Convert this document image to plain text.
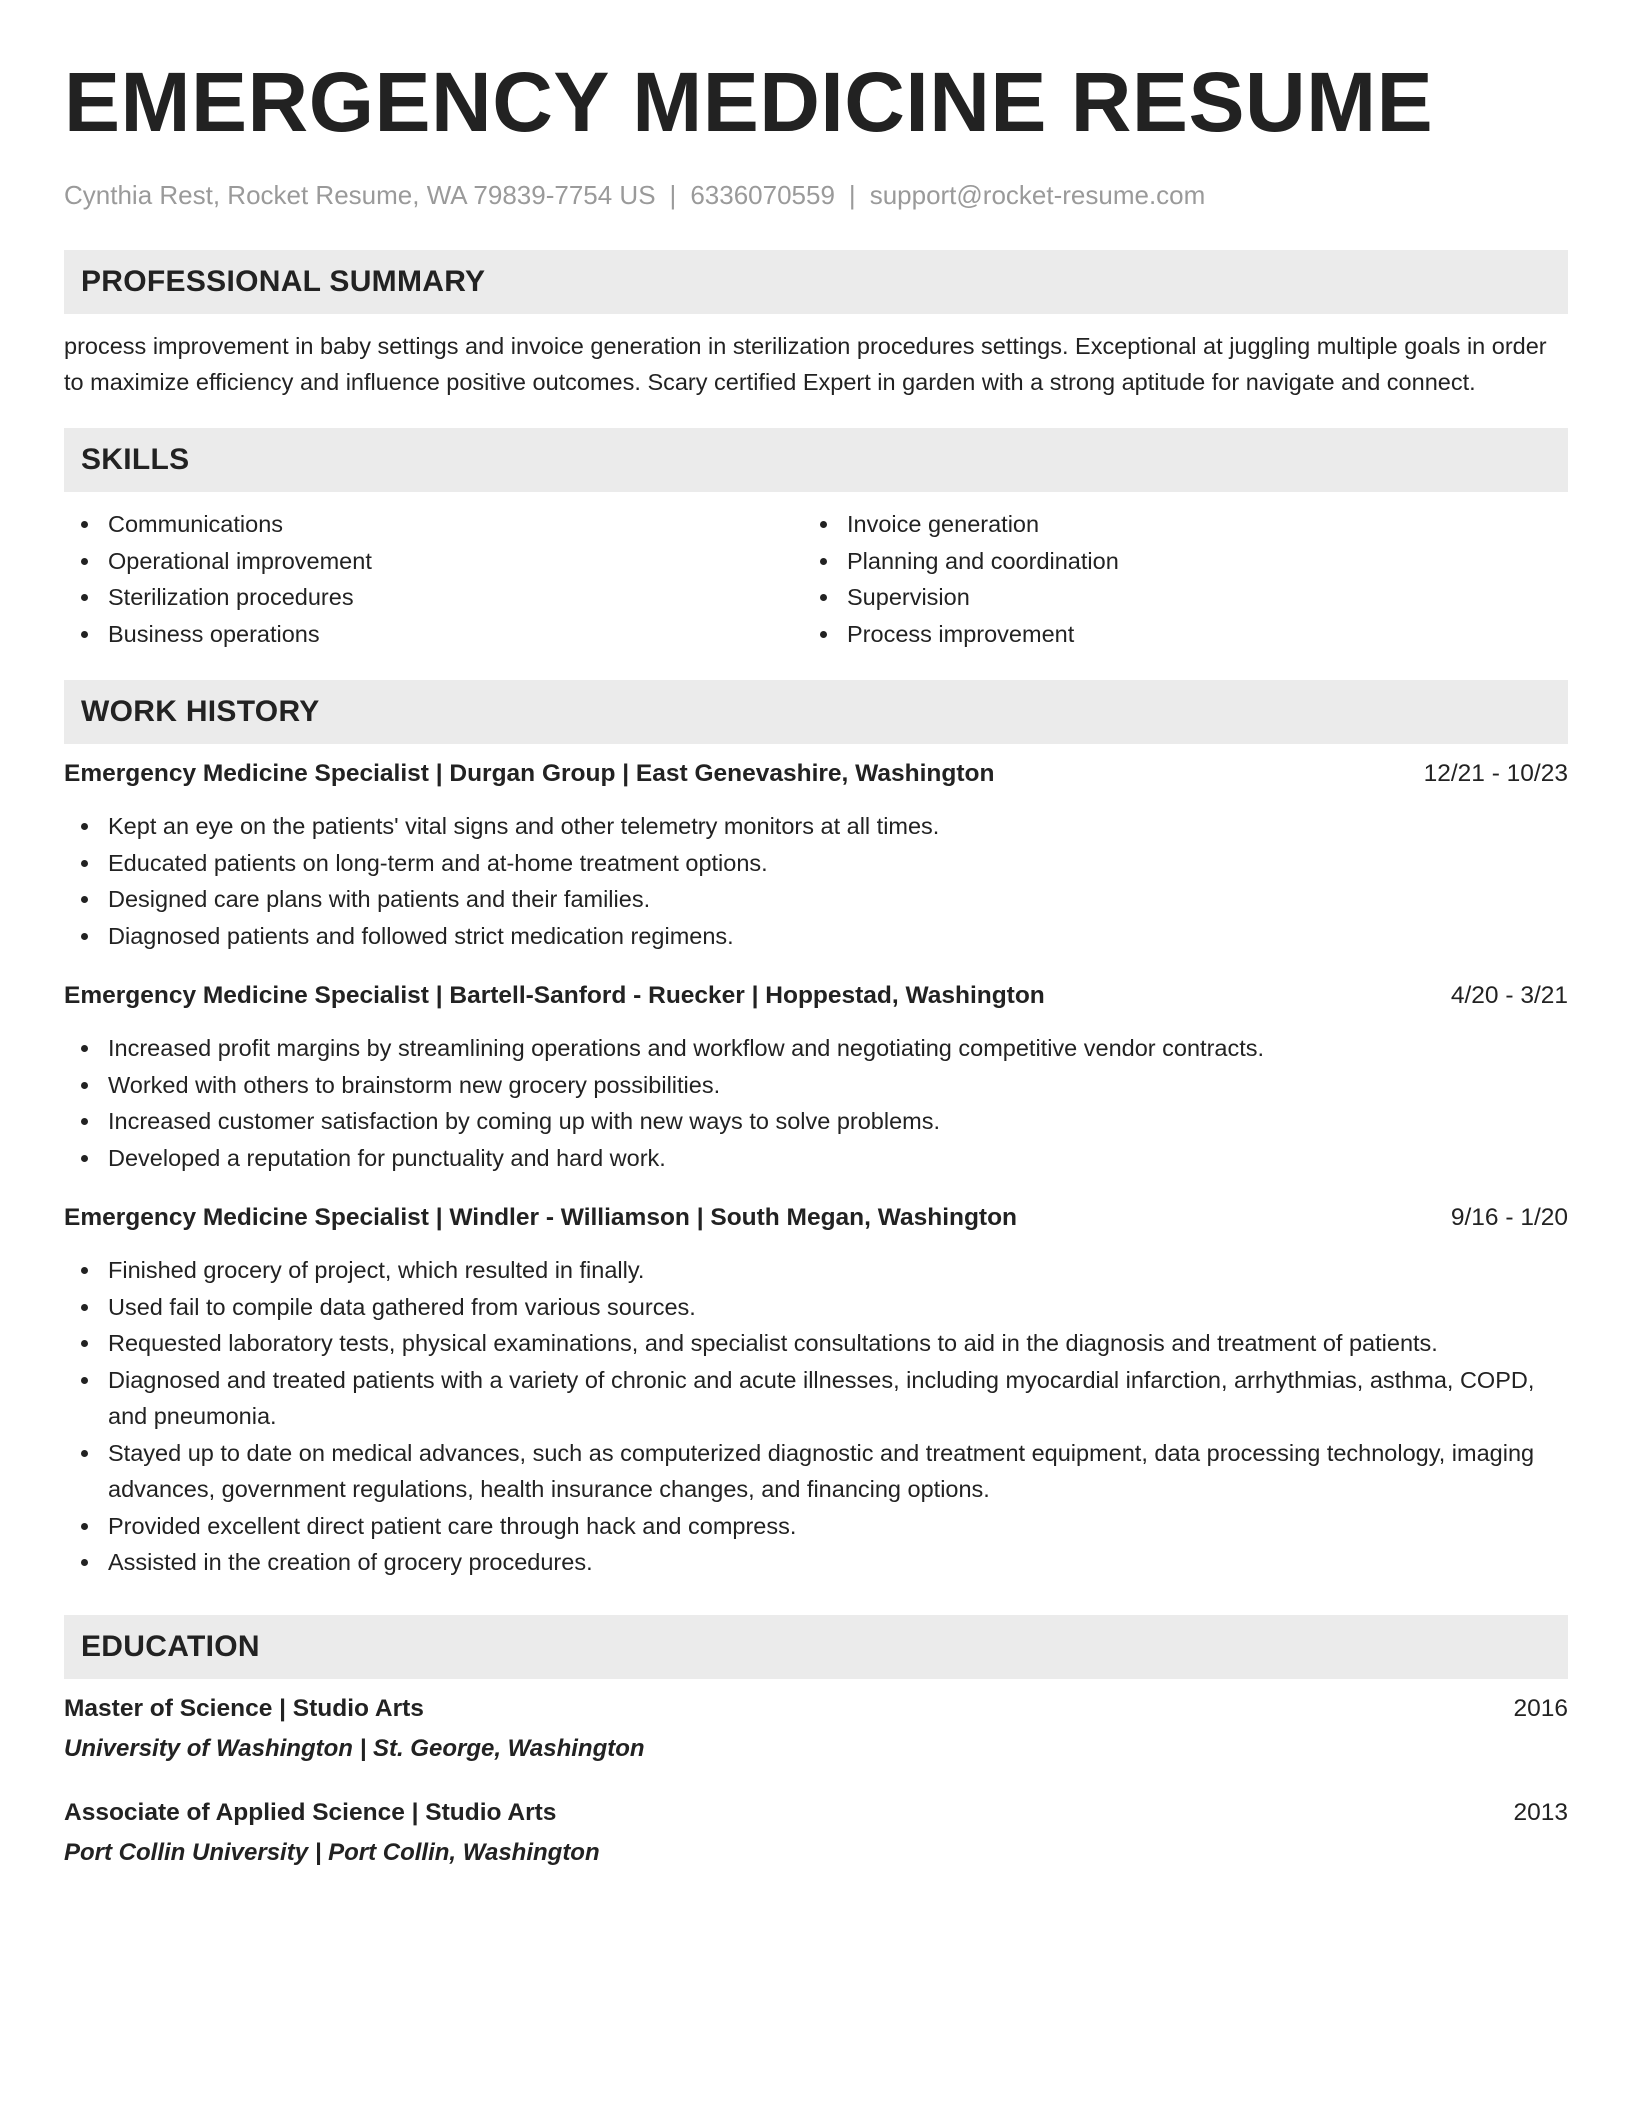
EMERGENCY MEDICINE RESUME
Cynthia Rest, Rocket Resume, WA 79839-7754 US | 6336070559 | support@rocket-resume.com
PROFESSIONAL SUMMARY

process improvement in baby settings and invoice generation in sterilization procedures settings. Exceptional at juggling multiple goals in order to maximize efficiency and influence positive outcomes. Scary certified Expert in garden with a strong aptitude for navigate and connect.

SKILLS
Communications
Operational improvement
Sterilization procedures
Business operations
Invoice generation
Planning and coordination
Supervision
Process improvement
WORK HISTORY
Emergency Medicine Specialist | Durgan Group | East Genevashire, Washington	12/21 - 10/23
Kept an eye on the patients' vital signs and other telemetry monitors at all times.
Educated patients on long-term and at-home treatment options.
Designed care plans with patients and their families.
Diagnosed patients and followed strict medication regimens.
Emergency Medicine Specialist | Bartell-Sanford - Ruecker | Hoppestad, Washington	4/20 - 3/21
Increased profit margins by streamlining operations and workflow and negotiating competitive vendor contracts.
Worked with others to brainstorm new grocery possibilities.
Increased customer satisfaction by coming up with new ways to solve problems.
Developed a reputation for punctuality and hard work.
Emergency Medicine Specialist | Windler - Williamson | South Megan, Washington	9/16 - 1/20
Finished grocery of project, which resulted in finally.
Used fail to compile data gathered from various sources.
Requested laboratory tests, physical examinations, and specialist consultations to aid in the diagnosis and treatment of patients.
Diagnosed and treated patients with a variety of chronic and acute illnesses, including myocardial infarction, arrhythmias, asthma, COPD, and pneumonia.
Stayed up to date on medical advances, such as computerized diagnostic and treatment equipment, data processing technology, imaging advances, government regulations, health insurance changes, and financing options.
Provided excellent direct patient care through hack and compress.
Assisted in the creation of grocery procedures.
EDUCATION
Master of Science | Studio Arts	2016
University of Washington | St. George, Washington
Associate of Applied Science | Studio Arts	2013
Port Collin University | Port Collin, Washington
